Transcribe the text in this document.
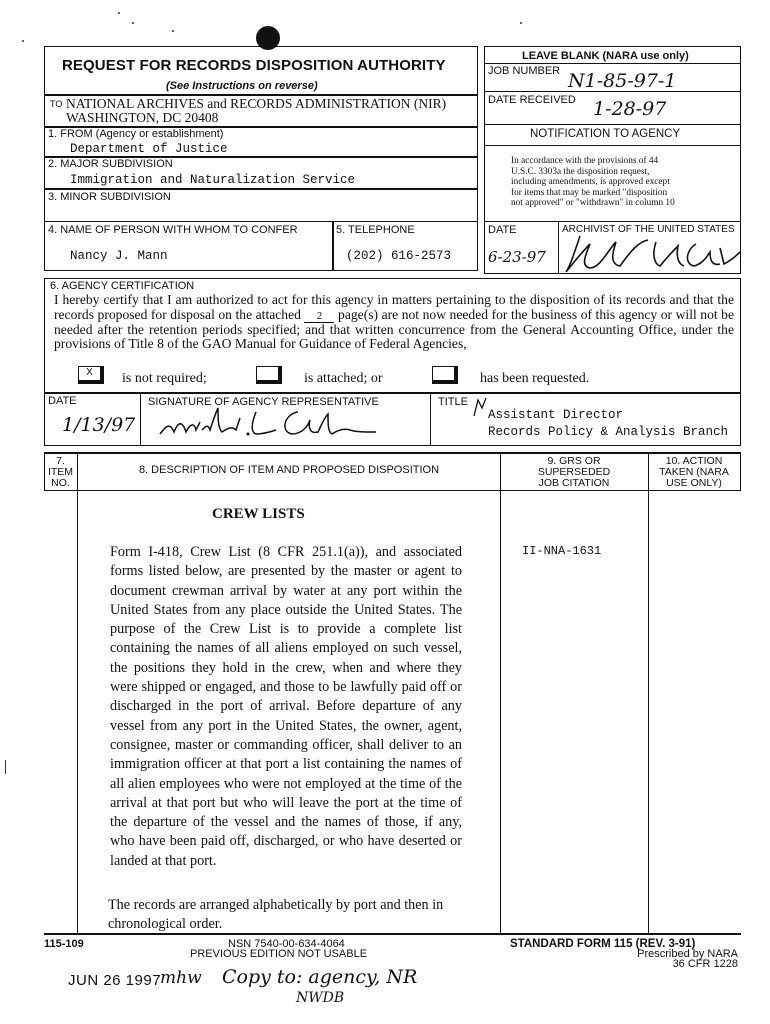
REQUEST FOR RECORDS DISPOSITION AUTHORITY
(See Instructions on reverse)
TO NATIONAL ARCHIVES and RECORDS ADMINISTRATION (NIR)
WASHINGTON, DC 20408
1. FROM (Agency or establishment)
Department of Justice
2. MAJOR SUBDIVISION
Immigration and Naturalization Service
3. MINOR SUBDIVISION
4. NAME OF PERSON WITH WHOM TO CONFER
Nancy J. Mann
5. TELEPHONE
(202) 616-2573
LEAVE BLANK (NARA use only)
JOB NUMBER N1-85-97-1
DATE RECEIVED 1-28-97
NOTIFICATION TO AGENCY
In accordance with the provisions of 44
U.S.C. 3303a the disposition request,
including amendments, is approved except
for items that may be marked "disposition
not approved" or "withdrawn" in column 10
DATE
6-23-97
ARCHIVIST OF THE UNITED STATES
6. AGENCY CERTIFICATION
I hereby certify that I am authorized to act for this agency in matters pertaining to the disposition of its records and that the records proposed for disposal on the attached 2 page(s) are not now needed for the business of this agency or will not be needed after the retention periods specified; and that written concurrence from the General Accounting Office, under the provisions of Title 8 of the GAO Manual for Guidance of Federal Agencies,
X	is not required;	is attached; or	has been requested.
DATE
1/13/97
SIGNATURE OF AGENCY REPRESENTATIVE	TITLE
Assistant Director
Records Policy & Analysis Branch
7.
ITEM
NO.
8. DESCRIPTION OF ITEM AND PROPOSED DISPOSITION
9. GRS OR
SUPERSEDED
JOB CITATION
10. ACTION
TAKEN (NARA
USE ONLY)
CREW LISTS
Form I-418, Crew List (8 CFR 251.1(a)), and associated forms listed below, are presented by the master or agent to document crewman arrival by water at any port within the United States from any place outside the United States. The purpose of the Crew List is to provide a complete list containing the names of all aliens employed on such vessel, the positions they hold in the crew, when and where they were shipped or engaged, and those to be lawfully paid off or discharged in the port of arrival. Before departure of any vessel from any port in the United States, the owner, agent, consignee, master or commanding officer, shall deliver to an immigration officer at that port a list containing the names of all alien employees who were not employed at the time of the arrival at that port but who will leave the port at the time of the departure of the vessel and the names of those, if any, who have been paid off, discharged, or who have deserted or landed at that port.
The records are arranged alphabetically by port and then in chronological order.
II-NNA-1631
115-109	NSN 7540-00-634-4064
PREVIOUS EDITION NOT USABLE
STANDARD FORM 115 (REV. 3-91)
Prescribed by NARA
36 CFR 1228
JUN 26 1997
mhw Copy to: agency, NR
NWDB
